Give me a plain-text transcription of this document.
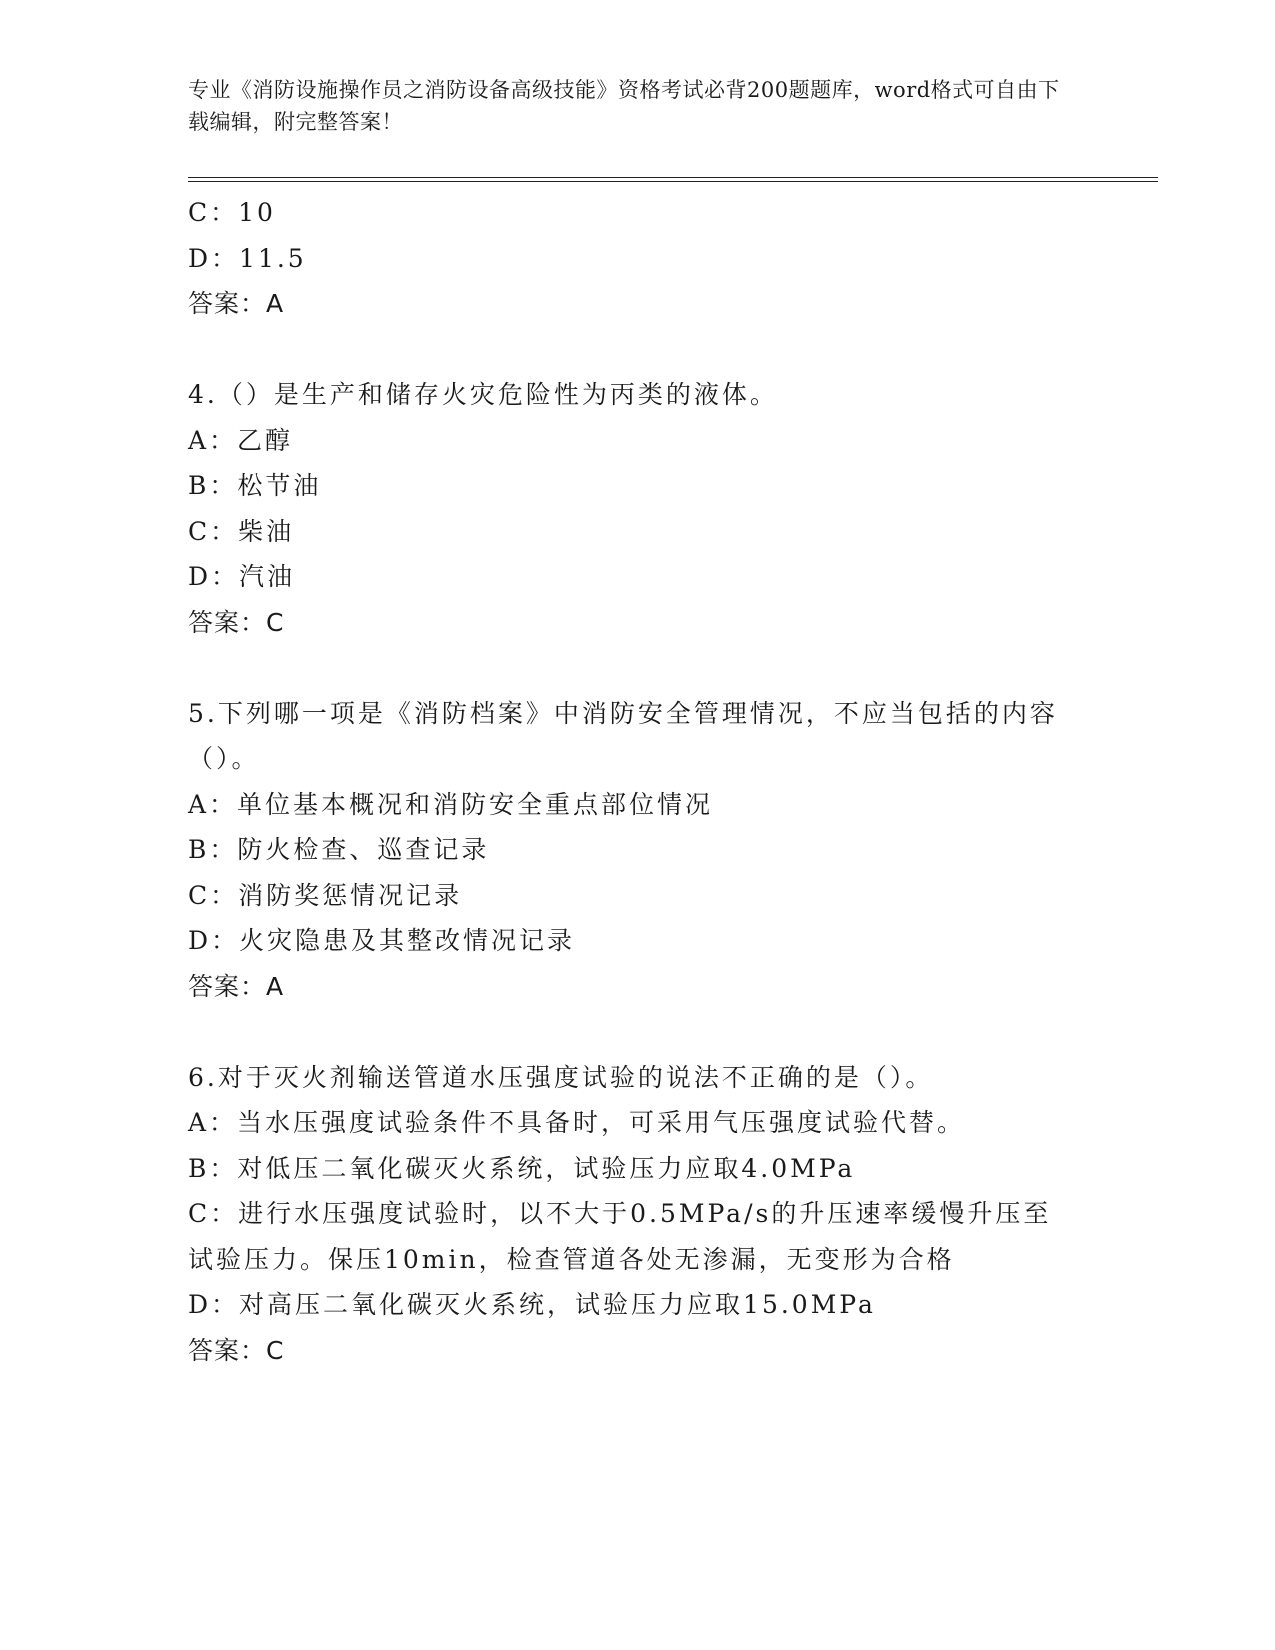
专业《消防设施操作员之消防设备高级技能》资格考试必背200题题库，word格式可自由下载编辑，附完整答案！
C：10
D：11.5
答案：A
4.（）是生产和储存火灾危险性为丙类的液体。
A：乙醇
B：松节油
C：柴油
D：汽油
答案：C
5.下列哪一项是《消防档案》中消防安全管理情况，不应当包括的内容（）。
A：单位基本概况和消防安全重点部位情况
B：防火检查、巡查记录
C：消防奖惩情况记录
D：火灾隐患及其整改情况记录
答案：A
6.对于灭火剂输送管道水压强度试验的说法不正确的是（）。
A：当水压强度试验条件不具备时，可采用气压强度试验代替。
B：对低压二氧化碳灭火系统，试验压力应取4.0MPa
C：进行水压强度试验时，以不大于0.5MPa/s的升压速率缓慢升压至试验压力。保压10min，检查管道各处无渗漏，无变形为合格
D：对高压二氧化碳灭火系统，试验压力应取15.0MPa
答案：C
